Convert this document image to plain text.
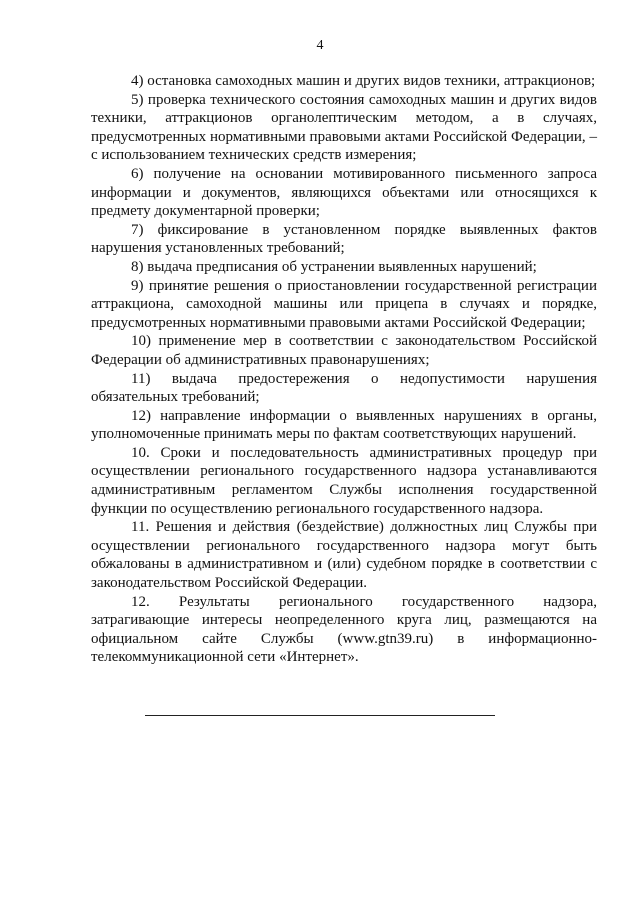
4

4) остановка самоходных машин и других видов техники, аттракционов;

5) проверка технического состояния самоходных машин и других видов техники, аттракционов органолептическим методом, а в случаях, предусмотренных нормативными правовыми актами Российской Федерации, – с использованием технических средств измерения;

6) получение на основании мотивированного письменного запроса информации и документов, являющихся объектами или относящихся к предмету документарной проверки;

7) фиксирование в установленном порядке выявленных фактов нарушения установленных требований;

8) выдача предписания об устранении выявленных нарушений;

9) принятие решения о приостановлении государственной регистрации аттракциона, самоходной машины или прицепа в случаях и порядке, предусмотренных нормативными правовыми актами Российской Федерации;

10) применение мер в соответствии с законодательством Российской Федерации об административных правонарушениях;

11) выдача предостережения о недопустимости нарушения обязательных требований;

12) направление информации о выявленных нарушениях в органы, уполномоченные принимать меры по фактам соответствующих нарушений.

10. Сроки и последовательность административных процедур при осуществлении регионального государственного надзора устанавливаются административным регламентом Службы исполнения государственной функции по осуществлению регионального государственного надзора.

11. Решения и действия (бездействие) должностных лиц Службы при осуществлении регионального государственного надзора могут быть обжалованы в административном и (или) судебном порядке в соответствии с законодательством Российской Федерации.

12. Результаты регионального государственного надзора, затрагивающие интересы неопределенного круга лиц, размещаются на официальном сайте Службы (www.gtn39.ru) в информационно-телекоммуникационной сети «Интернет».
